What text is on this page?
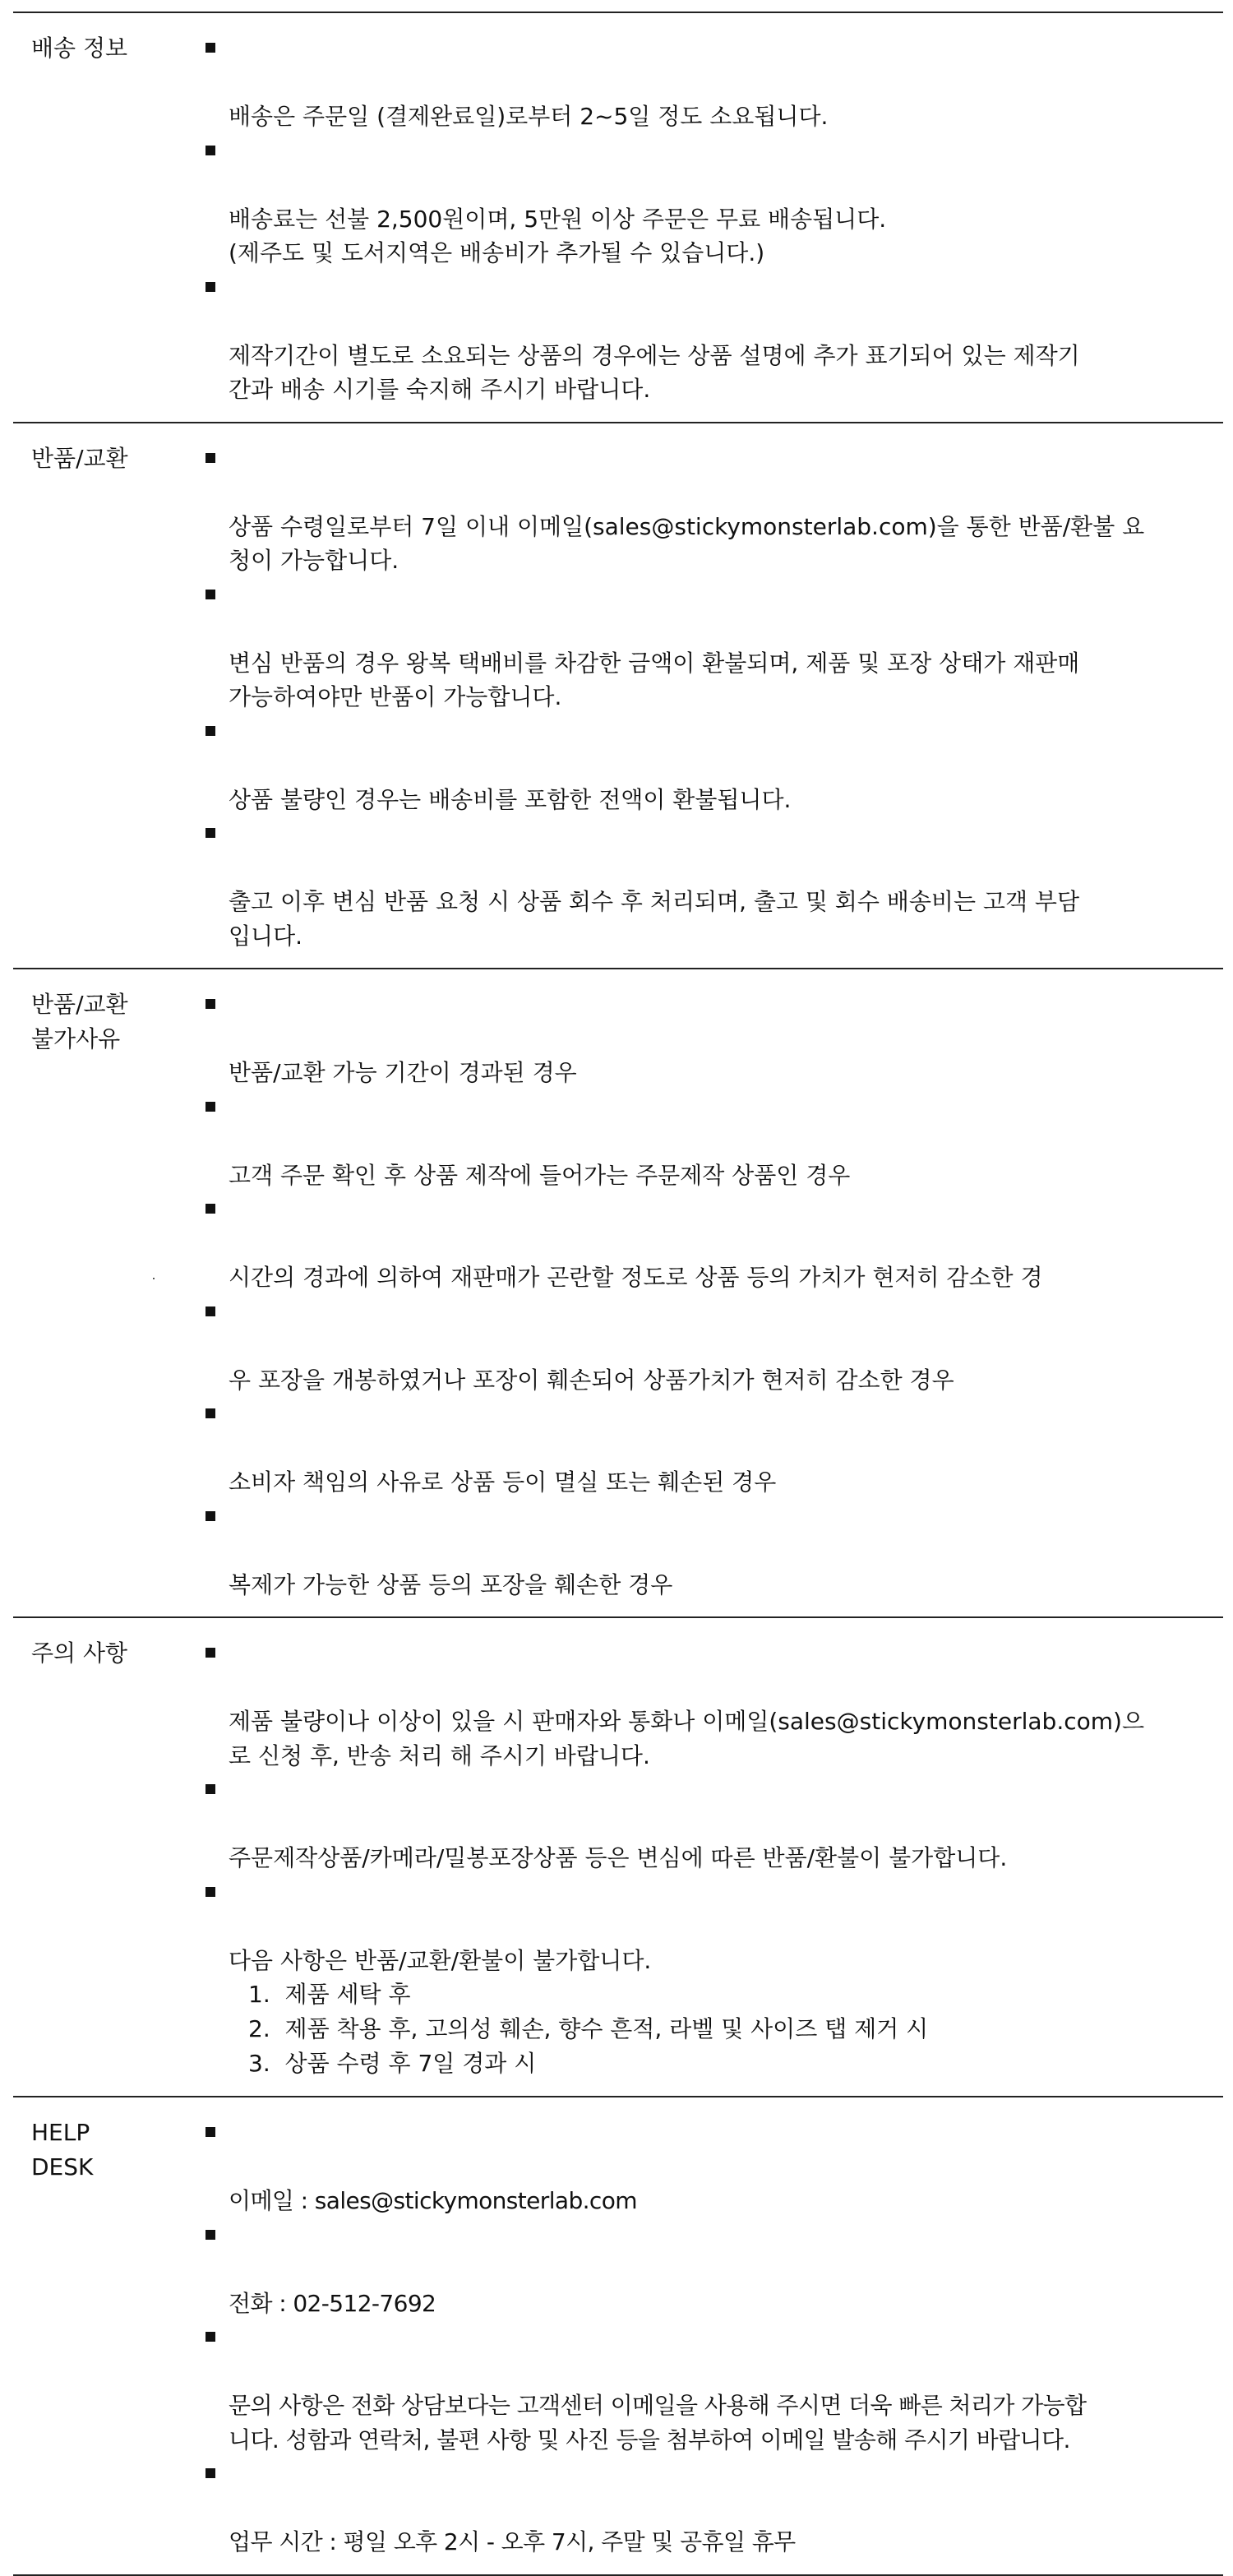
배송 정보

배송은 주문일 (결제완료일)로부터 2~5일 정도 소요됩니다.

배송료는 선불 2,500원이며, 5만원 이상 주문은 무료 배송됩니다.
(제주도 및 도서지역은 배송비가 추가될 수 있습니다.)

제작기간이 별도로 소요되는 상품의 경우에는 상품 설명에 추가 표기되어 있는 제작기
간과 배송 시기를 숙지해 주시기 바랍니다.

반품/교환

상품 수령일로부터 7일 이내 이메일(sales@stickymonsterlab.com)을 통한 반품/환불 요
청이 가능합니다.

변심 반품의 경우 왕복 택배비를 차감한 금액이 환불되며, 제품 및 포장 상태가 재판매
가능하여야만 반품이 가능합니다.

상품 불량인 경우는 배송비를 포함한 전액이 환불됩니다.

출고 이후 변심 반품 요청 시 상품 회수 후 처리되며, 출고 및 회수 배송비는 고객 부담
입니다.

반품/교환
불가사유

반품/교환 가능 기간이 경과된 경우

고객 주문 확인 후 상품 제작에 들어가는 주문제작 상품인 경우

시간의 경과에 의하여 재판매가 곤란할 정도로 상품 등의 가치가 현저히 감소한 경

우 포장을 개봉하였거나 포장이 훼손되어 상품가치가 현저히 감소한 경우

소비자 책임의 사유로 상품 등이 멸실 또는 훼손된 경우

복제가 가능한 상품 등의 포장을 훼손한 경우

주의 사항

제품 불량이나 이상이 있을 시 판매자와 통화나 이메일(sales@stickymonsterlab.com)으
로 신청 후, 반송 처리 해 주시기 바랍니다.

주문제작상품/카메라/밀봉포장상품 등은 변심에 따른 반품/환불이 불가합니다.

다음 사항은 반품/교환/환불이 불가합니다.

1.  제품 세탁 후
2.  제품 착용 후, 고의성 훼손, 향수 흔적, 라벨 및 사이즈 탭 제거 시
3.  상품 수령 후 7일 경과 시
HELP
DESK

이메일 : sales@stickymonsterlab.com

전화 : 02-512-7692

문의 사항은 전화 상담보다는 고객센터 이메일을 사용해 주시면 더욱 빠른 처리가 가능합
니다. 성함과 연락처, 불편 사항 및 사진 등을 첨부하여 이메일 발송해 주시기 바랍니다.

업무 시간 : 평일 오후 2시 - 오후 7시, 주말 및 공휴일 휴무
